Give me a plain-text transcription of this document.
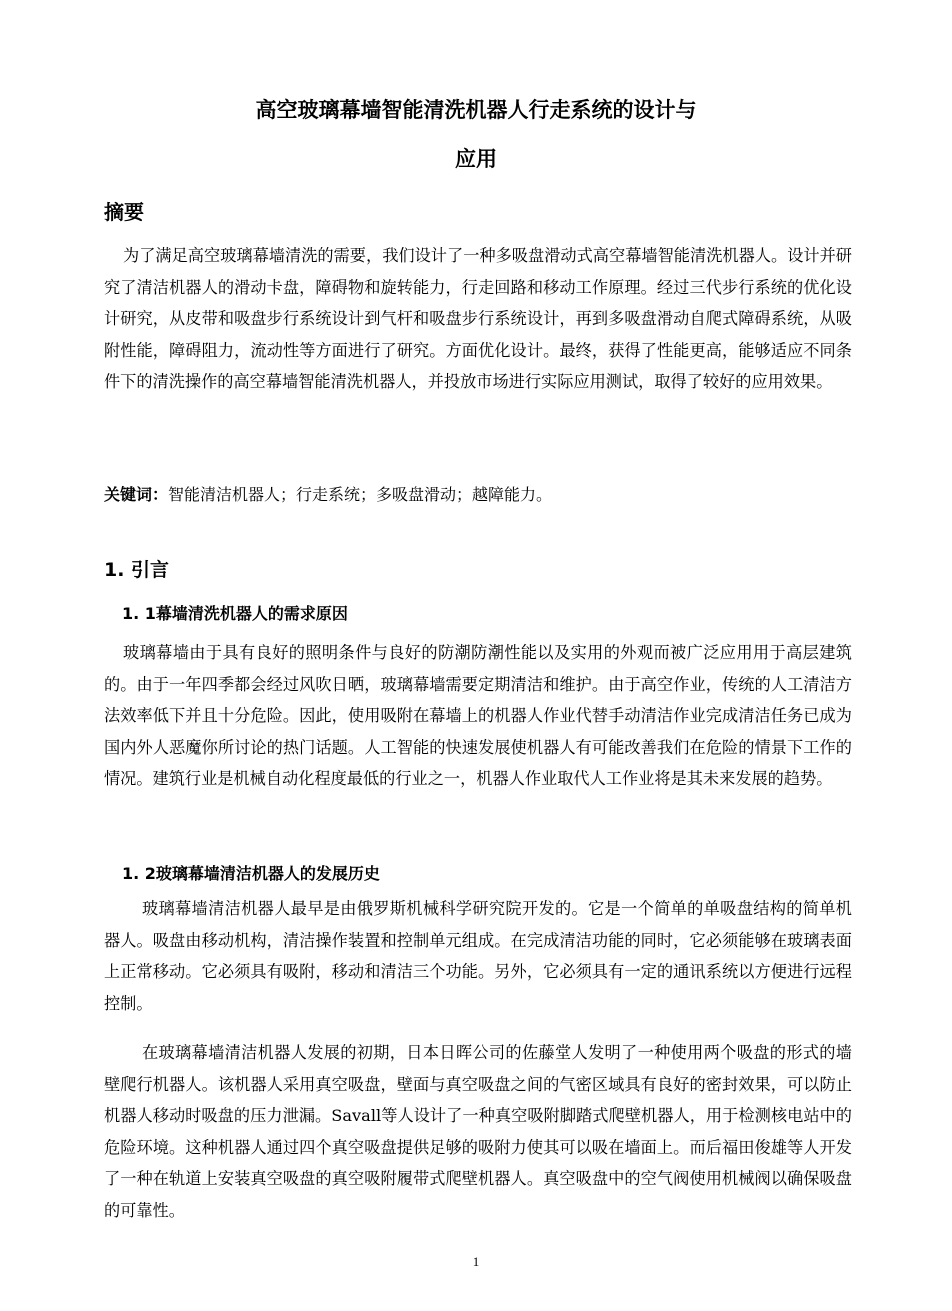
高空玻璃幕墙智能清洗机器人行走系统的设计与
应用
摘要

为了满足高空玻璃幕墙清洗的需要，我们设计了一种多吸盘滑动式高空幕墙智能清洗机器人。设计并研究了清洁机器人的滑动卡盘，障碍物和旋转能力，行走回路和移动工作原理。经过三代步行系统的优化设计研究，从皮带和吸盘步行系统设计到气杆和吸盘步行系统设计，再到多吸盘滑动自爬式障碍系统，从吸附性能，障碍阻力，流动性等方面进行了研究。方面优化设计。最终，获得了性能更高，能够适应不同条件下的清洗操作的高空幕墙智能清洗机器人，并投放市场进行实际应用测试，取得了较好的应用效果。

关键词：智能清洁机器人；行走系统；多吸盘滑动；越障能力。
1. 引言
1. 1幕墙清洗机器人的需求原因

玻璃幕墙由于具有良好的照明条件与良好的防潮防潮性能以及实用的外观而被广泛应用用于高层建筑的。由于一年四季都会经过风吹日晒，玻璃幕墙需要定期清洁和维护。由于高空作业，传统的人工清洁方法效率低下并且十分危险。因此，使用吸附在幕墙上的机器人作业代替手动清洁作业完成清洁任务已成为国内外人恶魔你所讨论的热门话题。人工智能的快速发展使机器人有可能改善我们在危险的情景下工作的情况。建筑行业是机械自动化程度最低的行业之一，机器人作业取代人工作业将是其未来发展的趋势。

1. 2玻璃幕墙清洁机器人的发展历史

玻璃幕墙清洁机器人最早是由俄罗斯机械科学研究院开发的。它是一个简单的单吸盘结构的简单机器人。吸盘由移动机构，清洁操作装置和控制单元组成。在完成清洁功能的同时，它必须能够在玻璃表面上正常移动。它必须具有吸附，移动和清洁三个功能。另外，它必须具有一定的通讯系统以方便进行远程控制。

在玻璃幕墙清洁机器人发展的初期，日本日晖公司的佐藤堂人发明了一种使用两个吸盘的形式的墙壁爬行机器人。该机器人采用真空吸盘，壁面与真空吸盘之间的气密区域具有良好的密封效果，可以防止机器人移动时吸盘的压力泄漏。Savall等人设计了一种真空吸附脚踏式爬壁机器人，用于检测核电站中的危险环境。这种机器人通过四个真空吸盘提供足够的吸附力使其可以吸在墙面上。而后福田俊雄等人开发了一种在轨道上安装真空吸盘的真空吸附履带式爬壁机器人。真空吸盘中的空气阀使用机械阀以确保吸盘的可靠性。

1
